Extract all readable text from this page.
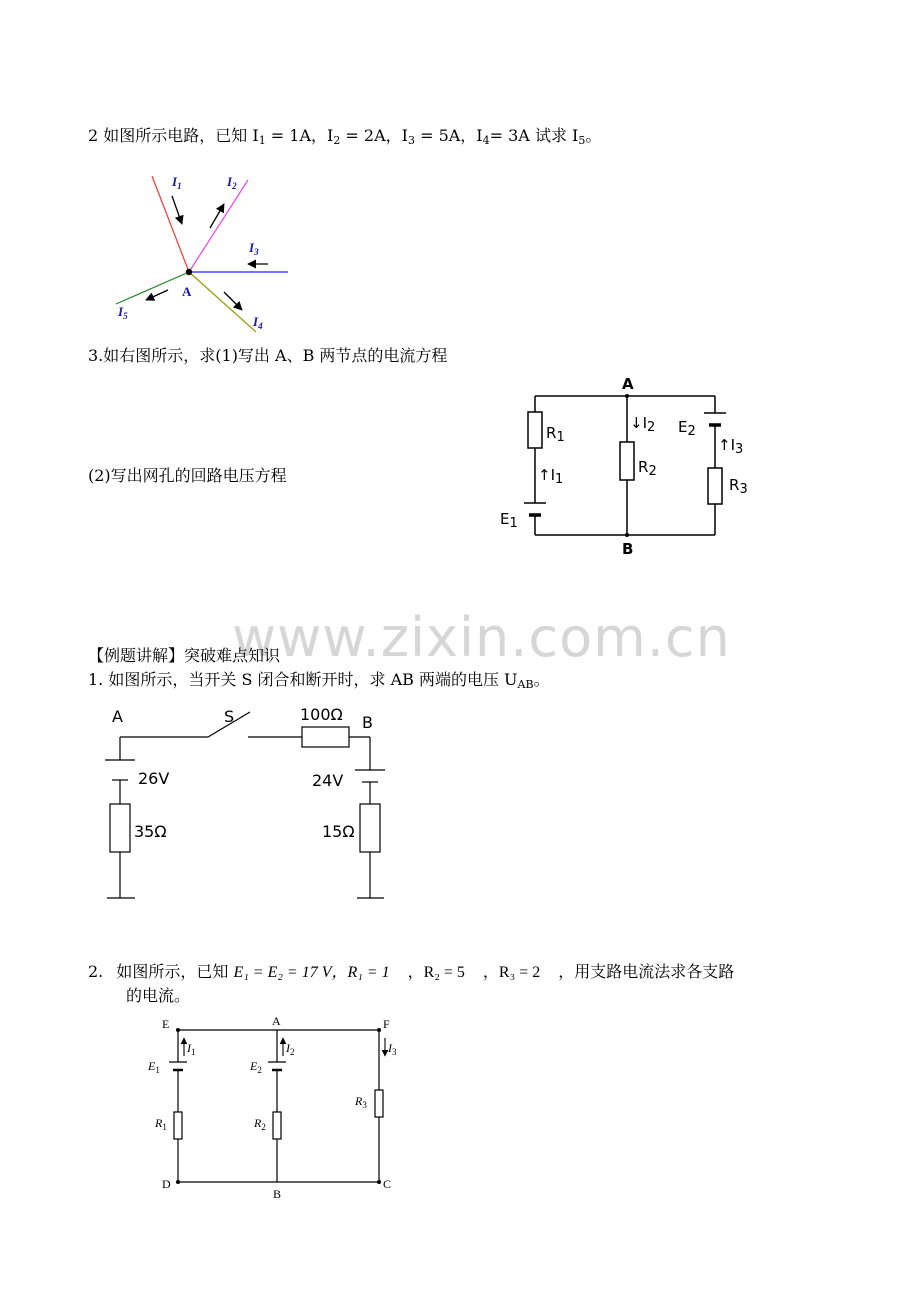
2 如图所示电路，已知 $I_1 = 1A$，$I_2 = 2A$，$I_3 = 5A$，$I_4= 3A$ 试求 $I_5$。
$I_1$	$I_2$
$I_3$
$I_4$
$I_5$
A
3.如右图所示，求(1)写出 A、B 两节点的电流方程
(2)写出网孔的回路电压方程
A
B
R1
R2
R3
E1
E2
↑I1
↓I2
↑I3
www.zixin.com.cn
【例题讲解】突破难点知识
1. 如图所示，当开关 S 闭合和断开时，求 AB 两端的电压 $U_{AB}$。
A	S	100Ω B
26V
35Ω
24V
15Ω
2. 如图所示，已知 E₁ = E₂ = 17 V，R₁ = 1 ，R₂ = 5 ，R₃ = 2 ，用支路电流法求各支路
的电流。
E	A	F
D
B
C
$I_1$	$I_2$	$I_3$
$E_1$	$E_2$
$R_1$	$R_2$
$R_3$
